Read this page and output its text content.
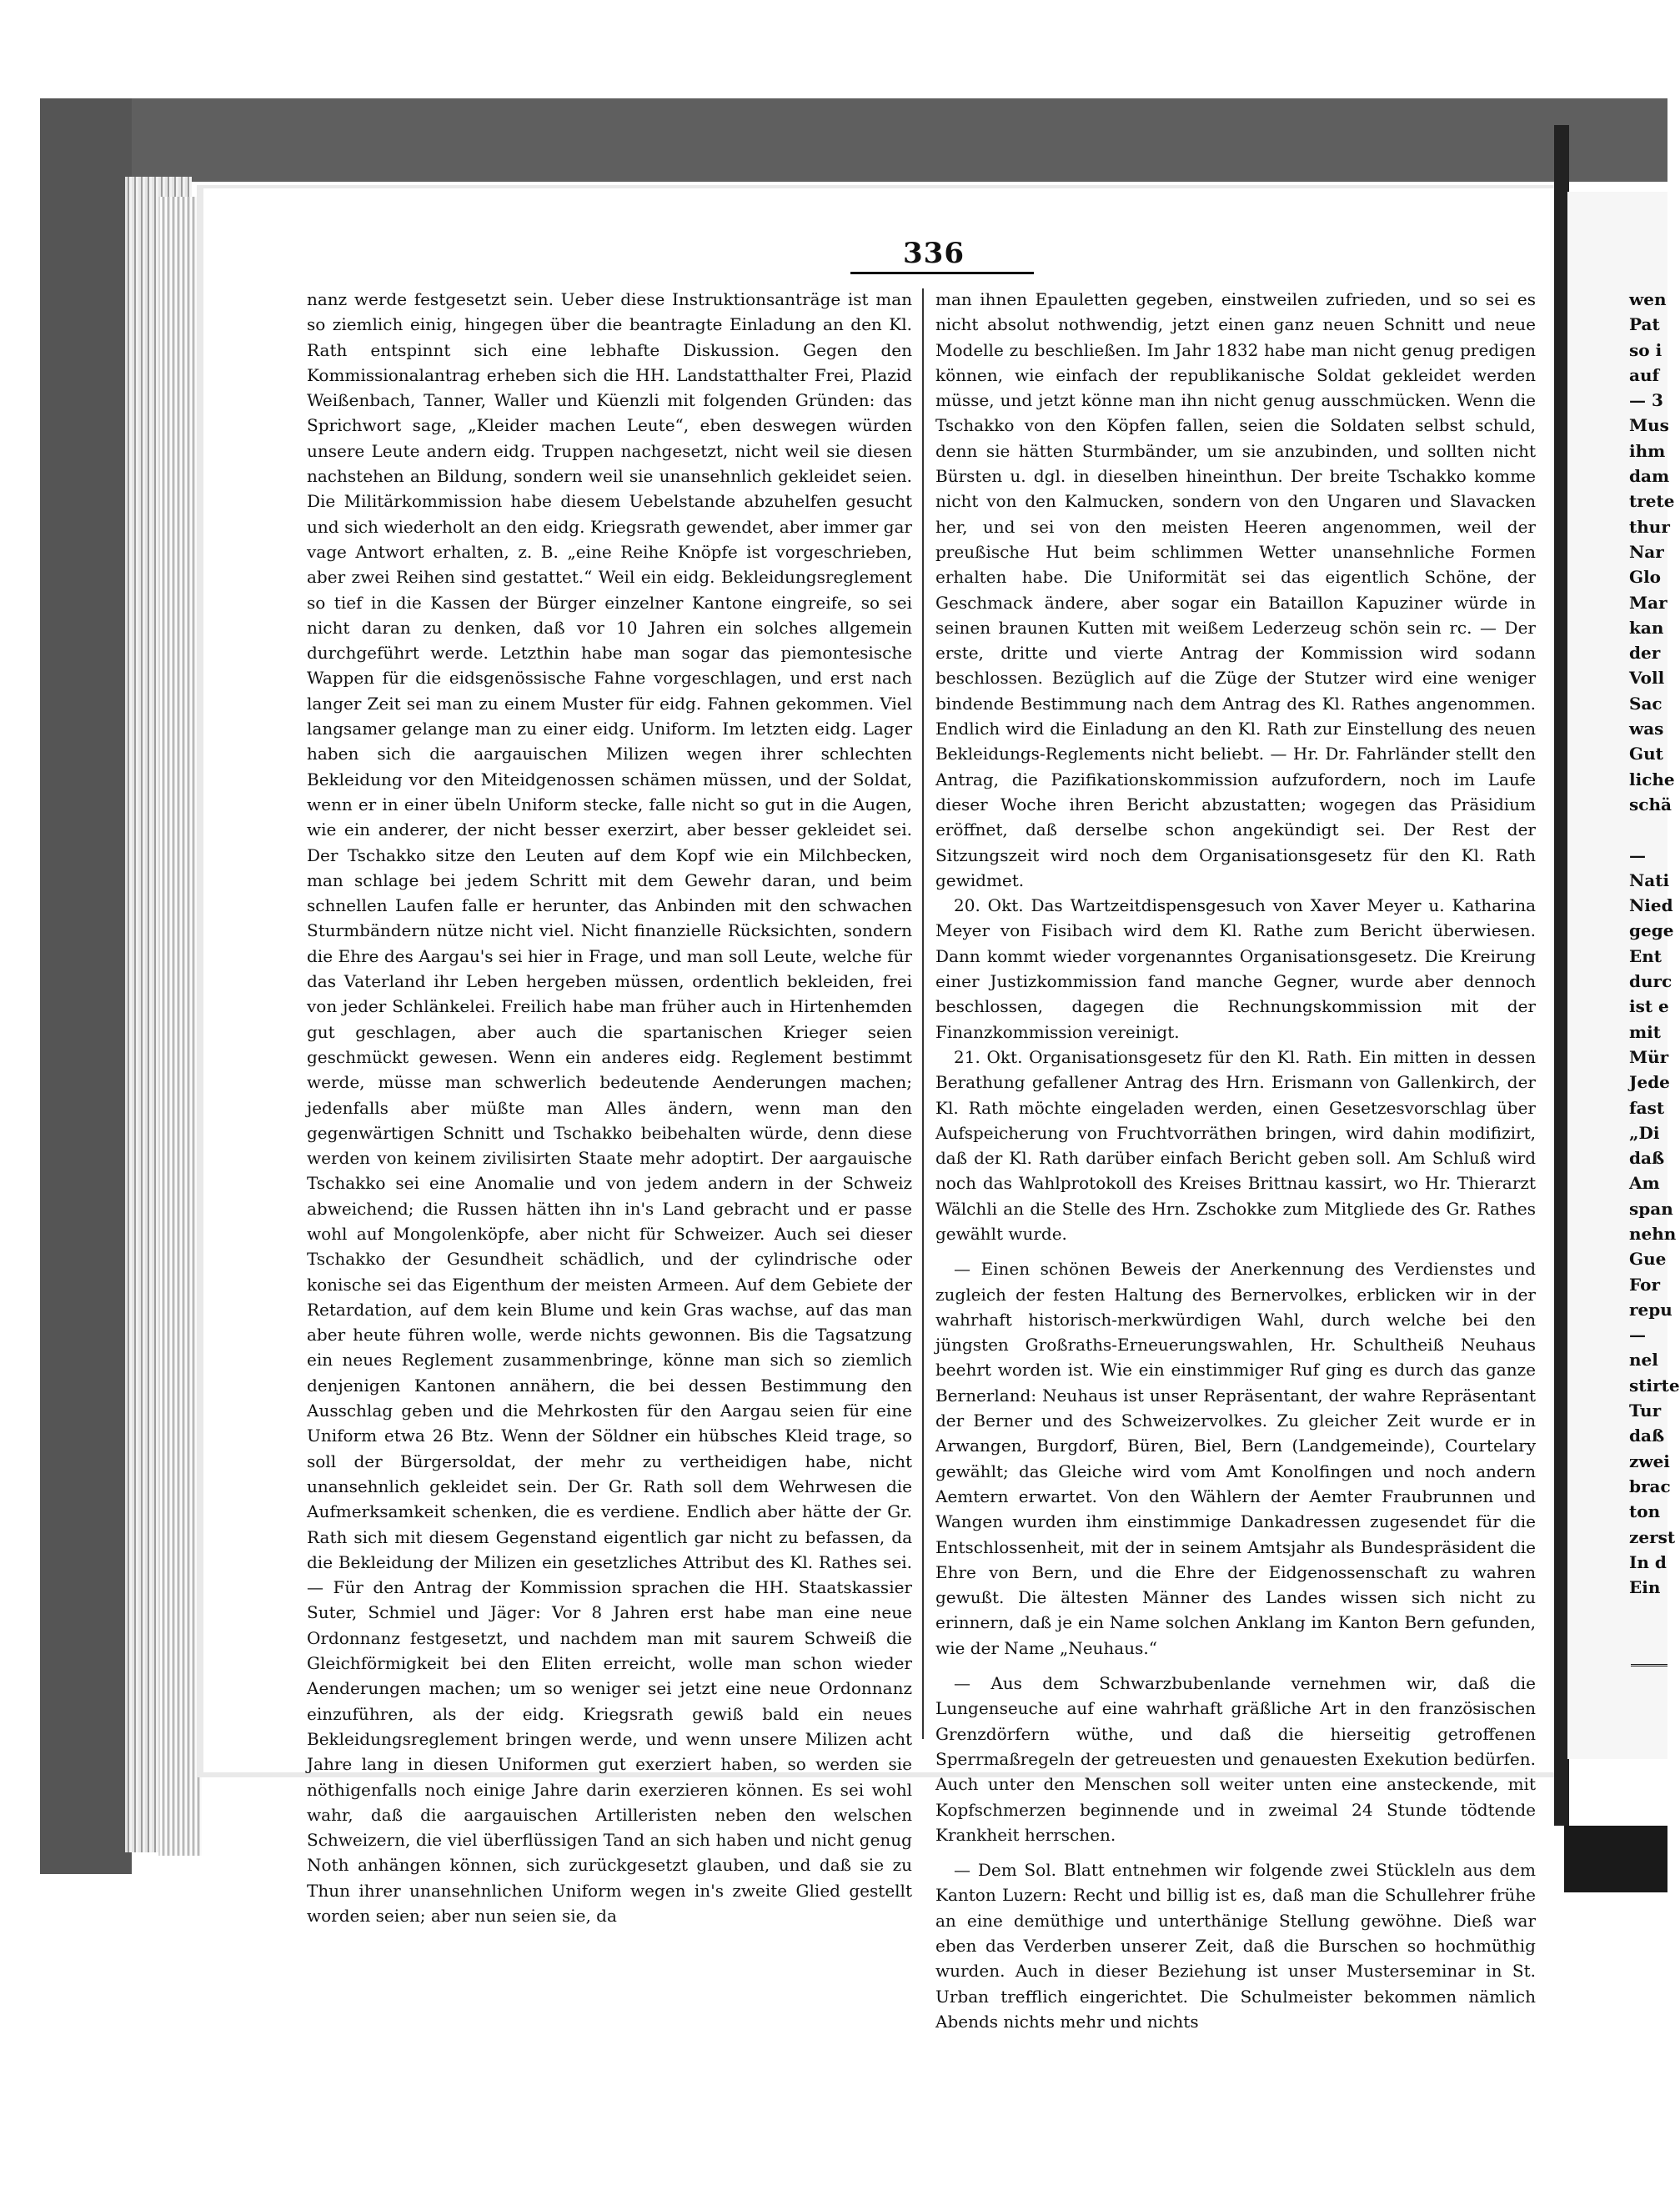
336

nanz werde festgesetzt sein. Ueber diese Instruktionsanträge ist man so ziemlich einig, hingegen über die beantragte Einladung an den Kl. Rath entspinnt sich eine lebhafte Diskussion. Gegen den Kommissionalantrag erheben sich die HH. Landstatthalter Frei, Plazid Weißenbach, Tanner, Waller und Küenzli mit folgenden Gründen: das Sprichwort sage, „Kleider machen Leute“, eben deswegen würden unsere Leute andern eidg. Truppen nachgesetzt, nicht weil sie diesen nachstehen an Bildung, sondern weil sie unansehnlich gekleidet seien. Die Militärkommission habe diesem Uebelstande abzuhelfen gesucht und sich wiederholt an den eidg. Kriegsrath gewendet, aber immer gar vage Antwort erhalten, z. B. „eine Reihe Knöpfe ist vorgeschrieben, aber zwei Reihen sind gestattet.“ Weil ein eidg. Bekleidungsreglement so tief in die Kassen der Bürger einzelner Kantone eingreife, so sei nicht daran zu denken, daß vor 10 Jahren ein solches allgemein durchgeführt werde. Letzthin habe man sogar das piemontesische Wappen für die eidsgenössische Fahne vorgeschlagen, und erst nach langer Zeit sei man zu einem Muster für eidg. Fahnen gekommen. Viel langsamer gelange man zu einer eidg. Uniform. Im letzten eidg. Lager haben sich die aargauischen Milizen wegen ihrer schlechten Bekleidung vor den Miteidgenossen schämen müssen, und der Soldat, wenn er in einer übeln Uniform stecke, falle nicht so gut in die Augen, wie ein anderer, der nicht besser exerzirt, aber besser gekleidet sei. Der Tschakko sitze den Leuten auf dem Kopf wie ein Milchbecken, man schlage bei jedem Schritt mit dem Gewehr daran, und beim schnellen Laufen falle er herunter, das Anbinden mit den schwachen Sturmbändern nütze nicht viel. Nicht finanzielle Rücksichten, sondern die Ehre des Aargau's sei hier in Frage, und man soll Leute, welche für das Vaterland ihr Leben hergeben müssen, ordentlich bekleiden, frei von jeder Schlänkelei. Freilich habe man früher auch in Hirtenhemden gut geschlagen, aber auch die spartanischen Krieger seien geschmückt gewesen. Wenn ein anderes eidg. Reglement bestimmt werde, müsse man schwerlich bedeutende Aenderungen machen; jedenfalls aber müßte man Alles ändern, wenn man den gegenwärtigen Schnitt und Tschakko beibehalten würde, denn diese werden von keinem zivilisirten Staate mehr adoptirt. Der aargauische Tschakko sei eine Anomalie und von jedem andern in der Schweiz abweichend; die Russen hätten ihn in's Land gebracht und er passe wohl auf Mongolenköpfe, aber nicht für Schweizer. Auch sei dieser Tschakko der Gesundheit schädlich, und der cylindrische oder konische sei das Eigenthum der meisten Armeen. Auf dem Gebiete der Retardation, auf dem kein Blume und kein Gras wachse, auf das man aber heute führen wolle, werde nichts gewonnen. Bis die Tagsatzung ein neues Reglement zusammenbringe, könne man sich so ziemlich denjenigen Kantonen annähern, die bei dessen Bestimmung den Ausschlag geben und die Mehrkosten für den Aargau seien für eine Uniform etwa 26 Btz. Wenn der Söldner ein hübsches Kleid trage, so soll der Bürgersoldat, der mehr zu vertheidigen habe, nicht unansehnlich gekleidet sein. Der Gr. Rath soll dem Wehrwesen die Aufmerksamkeit schenken, die es verdiene. Endlich aber hätte der Gr. Rath sich mit diesem Gegenstand eigentlich gar nicht zu befassen, da die Bekleidung der Milizen ein gesetzliches Attribut des Kl. Rathes sei. — Für den Antrag der Kommission sprachen die HH. Staatskassier Suter, Schmiel und Jäger: Vor 8 Jahren erst habe man eine neue Ordonnanz festgesetzt, und nachdem man mit saurem Schweiß die Gleichförmigkeit bei den Eliten erreicht, wolle man schon wieder Aenderungen machen; um so weniger sei jetzt eine neue Ordonnanz einzuführen, als der eidg. Kriegsrath gewiß bald ein neues Bekleidungsreglement bringen werde, und wenn unsere Milizen acht Jahre lang in diesen Uniformen gut exerziert haben, so werden sie nöthigenfalls noch einige Jahre darin exerzieren können. Es sei wohl wahr, daß die aargauischen Artilleristen neben den welschen Schweizern, die viel überflüssigen Tand an sich haben und nicht genug Noth anhängen können, sich zurückgesetzt glauben, und daß sie zu Thun ihrer unansehnlichen Uniform wegen in's zweite Glied gestellt worden seien; aber nun seien sie, da

man ihnen Epauletten gegeben, einstweilen zufrieden, und so sei es nicht absolut nothwendig, jetzt einen ganz neuen Schnitt und neue Modelle zu beschließen. Im Jahr 1832 habe man nicht genug predigen können, wie einfach der republikanische Soldat gekleidet werden müsse, und jetzt könne man ihn nicht genug ausschmücken. Wenn die Tschakko von den Köpfen fallen, seien die Soldaten selbst schuld, denn sie hätten Sturmbänder, um sie anzubinden, und sollten nicht Bürsten u. dgl. in dieselben hineinthun. Der breite Tschakko komme nicht von den Kalmucken, sondern von den Ungaren und Slavacken her, und sei von den meisten Heeren angenommen, weil der preußische Hut beim schlimmen Wetter unansehnliche Formen erhalten habe. Die Uniformität sei das eigentlich Schöne, der Geschmack ändere, aber sogar ein Bataillon Kapuziner würde in seinen braunen Kutten mit weißem Lederzeug schön sein rc. — Der erste, dritte und vierte Antrag der Kommission wird sodann beschlossen. Bezüglich auf die Züge der Stutzer wird eine weniger bindende Bestimmung nach dem Antrag des Kl. Rathes angenommen. Endlich wird die Einladung an den Kl. Rath zur Einstellung des neuen Bekleidungs-Reglements nicht beliebt. — Hr. Dr. Fahrländer stellt den Antrag, die Pazifikationskommission aufzufordern, noch im Laufe dieser Woche ihren Bericht abzustatten; wogegen das Präsidium eröffnet, daß derselbe schon angekündigt sei. Der Rest der Sitzungszeit wird noch dem Organisationsgesetz für den Kl. Rath gewidmet.

20. Okt. Das Wartzeitdispensgesuch von Xaver Meyer u. Katharina Meyer von Fisibach wird dem Kl. Rathe zum Bericht überwiesen. Dann kommt wieder vorgenanntes Organisationsgesetz. Die Kreirung einer Justizkommission fand manche Gegner, wurde aber dennoch beschlossen, dagegen die Rechnungskommission mit der Finanzkommission vereinigt.

21. Okt. Organisationsgesetz für den Kl. Rath. Ein mitten in dessen Berathung gefallener Antrag des Hrn. Erismann von Gallenkirch, der Kl. Rath möchte eingeladen werden, einen Gesetzesvorschlag über Aufspeicherung von Fruchtvorräthen bringen, wird dahin modifizirt, daß der Kl. Rath darüber einfach Bericht geben soll. Am Schluß wird noch das Wahlprotokoll des Kreises Brittnau kassirt, wo Hr. Thierarzt Wälchli an die Stelle des Hrn. Zschokke zum Mitgliede des Gr. Rathes gewählt wurde.

— Einen schönen Beweis der Anerkennung des Verdienstes und zugleich der festen Haltung des Bernervolkes, erblicken wir in der wahrhaft historisch-merkwürdigen Wahl, durch welche bei den jüngsten Großraths-Erneuerungswahlen, Hr. Schultheiß Neuhaus beehrt worden ist. Wie ein einstimmiger Ruf ging es durch das ganze Bernerland: Neuhaus ist unser Repräsentant, der wahre Repräsentant der Berner und des Schweizervolkes. Zu gleicher Zeit wurde er in Arwangen, Burgdorf, Büren, Biel, Bern (Landgemeinde), Courtelary gewählt; das Gleiche wird vom Amt Konolfingen und noch andern Aemtern erwartet. Von den Wählern der Aemter Fraubrunnen und Wangen wurden ihm einstimmige Dankadressen zugesendet für die Entschlossenheit, mit der in seinem Amtsjahr als Bundespräsident die Ehre von Bern, und die Ehre der Eidgenossenschaft zu wahren gewußt. Die ältesten Männer des Landes wissen sich nicht zu erinnern, daß je ein Name solchen Anklang im Kanton Bern gefunden, wie der Name „Neuhaus.“

— Aus dem Schwarzbubenlande vernehmen wir, daß die Lungenseuche auf eine wahrhaft gräßliche Art in den französischen Grenzdörfern wüthe, und daß die hierseitig getroffenen Sperrmaßregeln der getreuesten und genauesten Exekution bedürfen. Auch unter den Menschen soll weiter unten eine ansteckende, mit Kopfschmerzen beginnende und in zweimal 24 Stunde tödtende Krankheit herrschen.

— Dem Sol. Blatt entnehmen wir folgende zwei Stückleln aus dem Kanton Luzern: Recht und billig ist es, daß man die Schullehrer frühe an eine demüthige und unterthänige Stellung gewöhne. Dieß war eben das Verderben unserer Zeit, daß die Burschen so hochmüthig wurden. Auch in dieser Beziehung ist unser Musterseminar in St. Urban trefflich eingerichtet. Die Schulmeister bekommen nämlich Abends nichts mehr und nichts

wen
Pat
so i
auf
— 3
Mus
ihm
dam
trete
thur
Nar
Glo
Mar
kan
der
Voll
Sac
was
Gut
liche
schä
—
Nati
Nied
gege
Ent
durc
ist e
mit
Mür
Jede
fast
„Di
daß
Am
span
nehn
Gue
For
repu
—
nel
stirte
Tur
daß
zwei
brac
ton
zerst
In d
Ein
